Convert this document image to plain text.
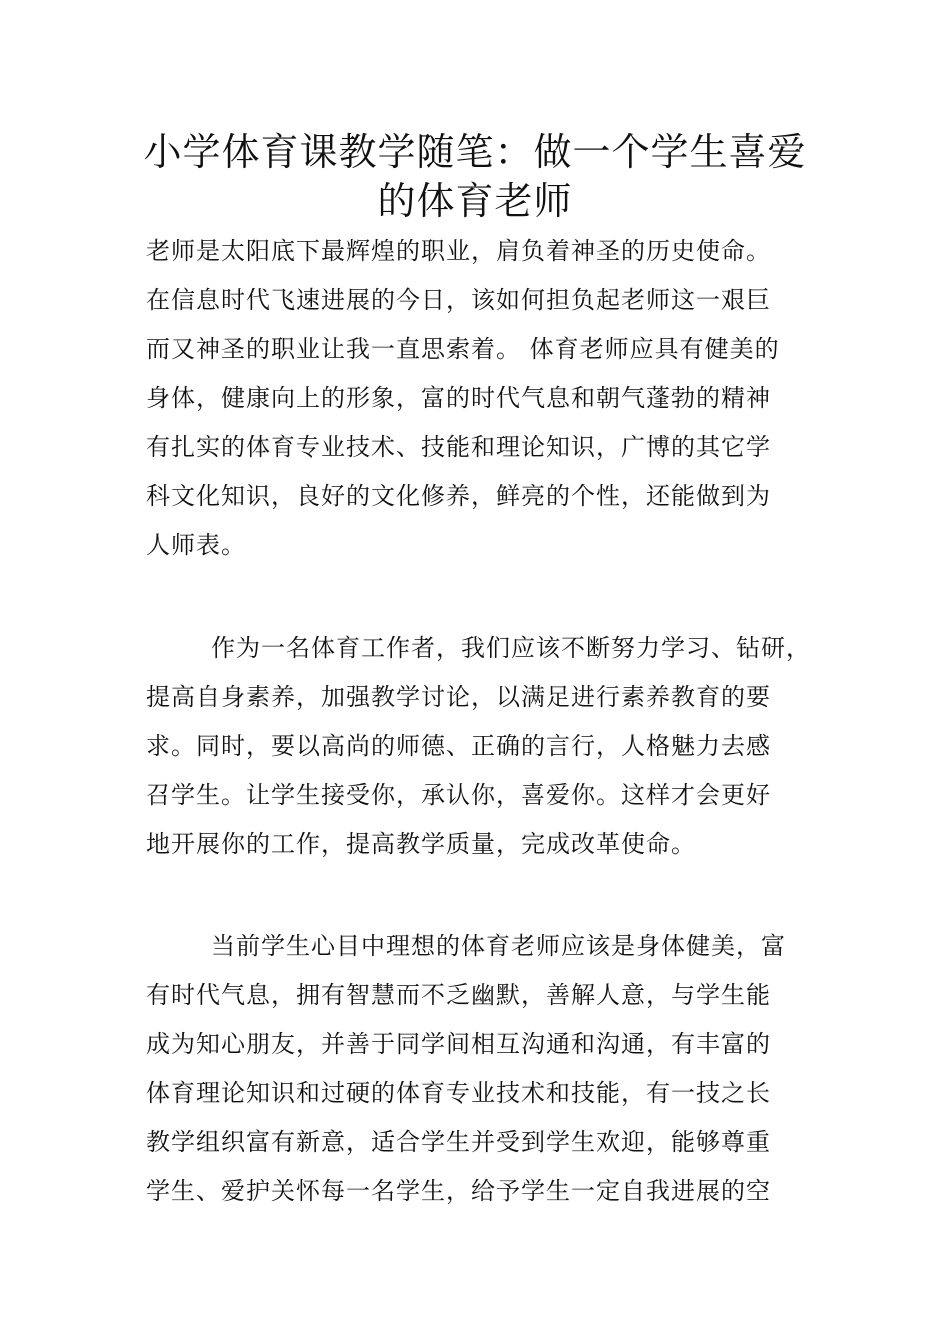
小学体育课教学随笔：做一个学生喜爱
的体育老师
老师是太阳底下最辉煌的职业，肩负着神圣的历史使命。
在信息时代飞速进展的今日，该如何担负起老师这一艰巨
而又神圣的职业让我一直思索着。 体育老师应具有健美的
身体，健康向上的形象，富的时代气息和朝气蓬勃的精神
有扎实的体育专业技术、技能和理论知识，广博的其它学
科文化知识，良好的文化修养，鲜亮的个性，还能做到为
人师表。
作为一名体育工作者，我们应该不断努力学习、钻研，
提高自身素养，加强教学讨论，以满足进行素养教育的要
求。同时，要以高尚的师德、正确的言行，人格魅力去感
召学生。让学生接受你，承认你，喜爱你。这样才会更好
地开展你的工作，提高教学质量，完成改革使命。
当前学生心目中理想的体育老师应该是身体健美，富
有时代气息，拥有智慧而不乏幽默，善解人意，与学生能
成为知心朋友，并善于同学间相互沟通和沟通，有丰富的
体育理论知识和过硬的体育专业技术和技能，有一技之长
教学组织富有新意，适合学生并受到学生欢迎，能够尊重
学生、爱护关怀每一名学生，给予学生一定自我进展的空
